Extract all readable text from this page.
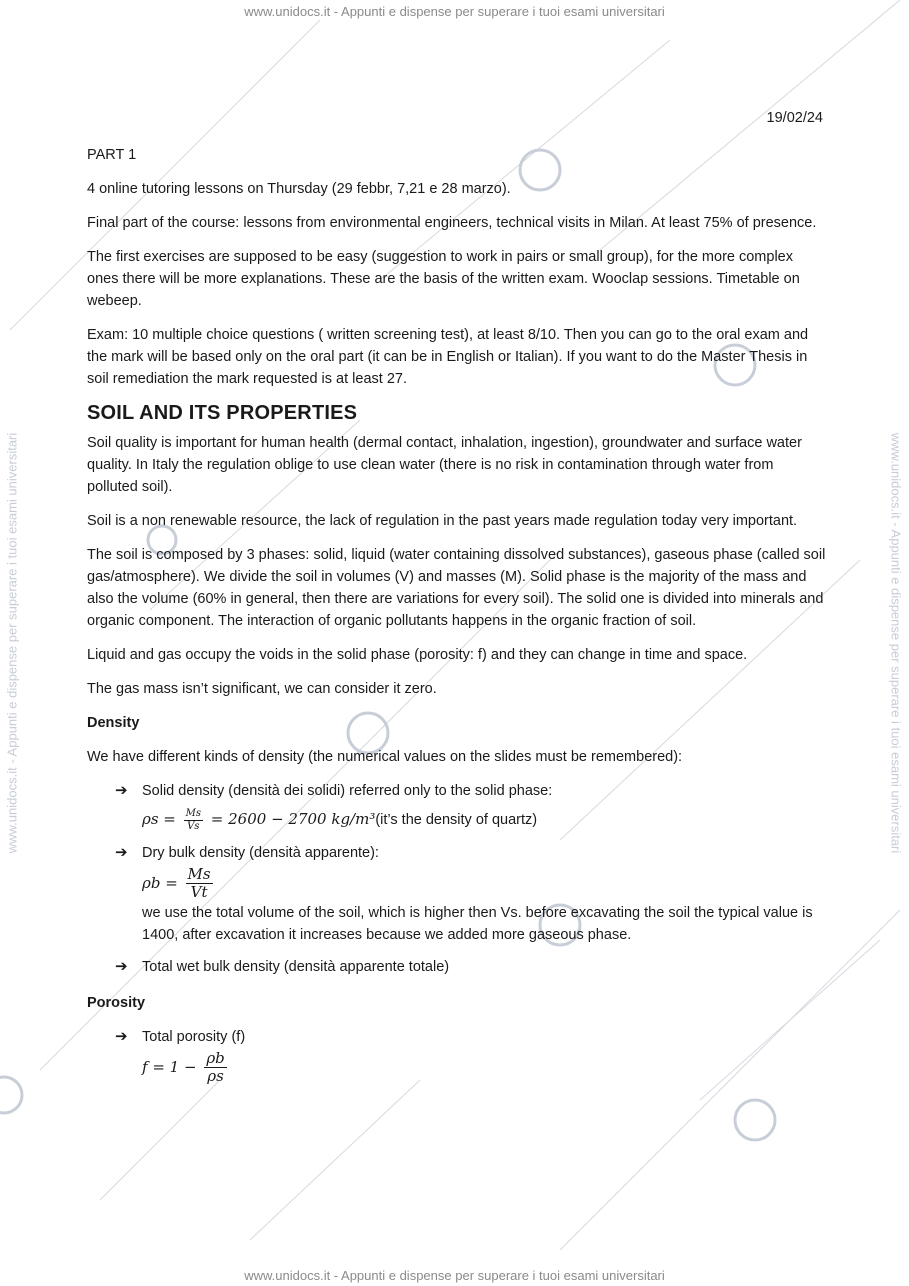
www.unidocs.it - Appunti e dispense per superare i tuoi esami universitari
www.unidocs.it - Appunti e dispense per superare i tuoi esami universitari
www.unidocs.it - Appunti e dispense per superare i tuoi esami universitari	www.unidocs.it - Appunti e dispense per superare i tuoi esami universitari
19/02/24

PART 1

4 online tutoring lessons on Thursday (29 febbr, 7,21 e 28 marzo).

Final part of the course: lessons from environmental engineers, technical visits in Milan. At least 75% of presence.

The first exercises are supposed to be easy (suggestion to work in pairs or small group), for the more complex ones there will be more explanations. These are the basis of the written exam. Wooclap sessions. Timetable on webeep.

Exam: 10 multiple choice questions ( written screening test), at least 8/10. Then you can go to the oral exam and the mark will be based only on the oral part (it can be in English or Italian). If you want to do the Master Thesis in soil remediation the mark requested is at least 27.

SOIL AND ITS PROPERTIES

Soil quality is important for human health (dermal contact, inhalation, ingestion), groundwater and surface water quality. In Italy the regulation oblige to use clean water (there is no risk in contamination through water from polluted soil).

Soil is a non renewable resource, the lack of regulation in the past years made regulation today very important.

The soil is composed by 3 phases: solid, liquid (water containing dissolved substances), gaseous phase (called soil gas/atmosphere). We divide the soil in volumes (V) and masses (M). Solid phase is the majority of the mass and also the volume (60% in general, then there are variations for every soil). The solid one is divided into minerals and organic component. The interaction of organic pollutants happens in the organic fraction of soil.

Liquid and gas occupy the voids in the solid phase (porosity: f) and they can change in time and space.

The gas mass isn’t significant, we can consider it zero.

Density

We have different kinds of density (the numerical values on the slides must be remembered):

➔ Solid density (densità dei solidi) referred only to the solid phase:
$\rho s = \frac{Ms}{Vs} = 2600 - 2700$ kg/m³(it’s the density of quartz)
➔ Dry bulk density (densità apparente):
$\rho b = \frac{Ms}{Vt}$
we use the total volume of the soil, which is higher then Vs. before excavating the soil the typical value is 1400, after excavation it increases because we added more gaseous phase.
➔ Total wet bulk density (densità apparente totale)
Porosity
➔ Total porosity (f)
$f = 1 - \frac{\rho b}{\rho s}$
